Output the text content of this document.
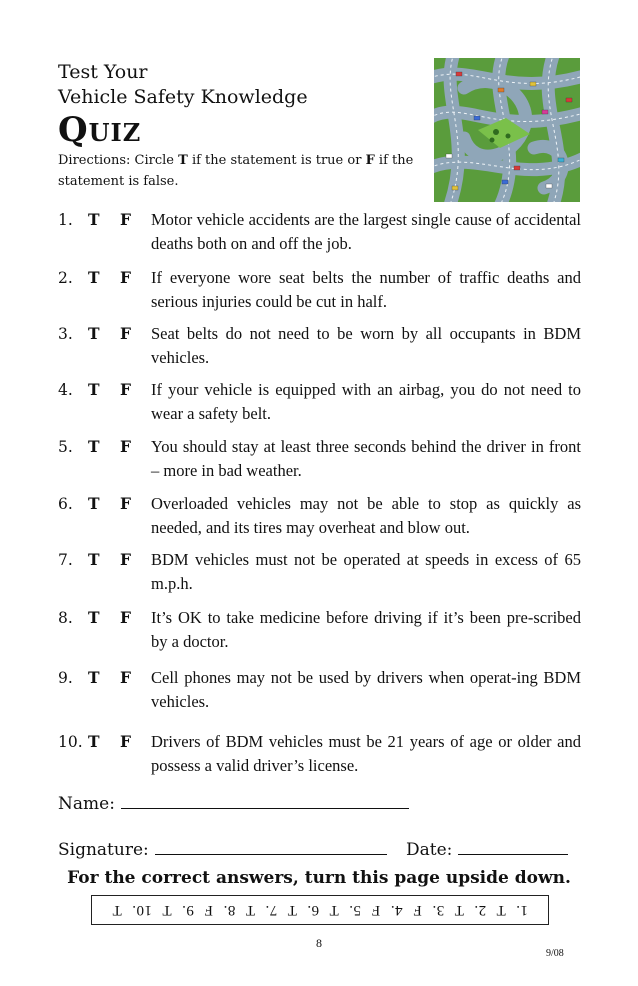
Test Your
Vehicle Safety Knowledge
Quiz
Directions: Circle T if the statement is true or F if the statement is false.
1. T F Motor vehicle accidents are the largest single cause of accidental deaths both on and off the job.
2. T F If everyone wore seat belts the number of traffic deaths and serious injuries could be cut in half.
3. T F Seat belts do not need to be worn by all occupants in BDM vehicles.
4. T F If your vehicle is equipped with an airbag, you do not need to wear a safety belt.
5. T F You should stay at least three seconds behind the driver in front – more in bad weather.
6. T F Overloaded vehicles may not be able to stop as quickly as needed, and its tires may overheat and blow out.
7. T F BDM vehicles must not be operated at speeds in excess of 65 m.p.h.
8. T F It’s OK to take medicine before driving if it’s been pre-scribed by a doctor.
9. T F Cell phones may not be used by drivers when operat-ing BDM vehicles.
10. T F Drivers of BDM vehicles must be 21 years of age or older and possess a valid driver’s license.
Name:
Signature:	Date:
For the correct answers, turn this page upside down.
1. T 2. T 3. F 4. F 5. T 6. T 7. T 8. F 9. T 10. T
8
9/08
